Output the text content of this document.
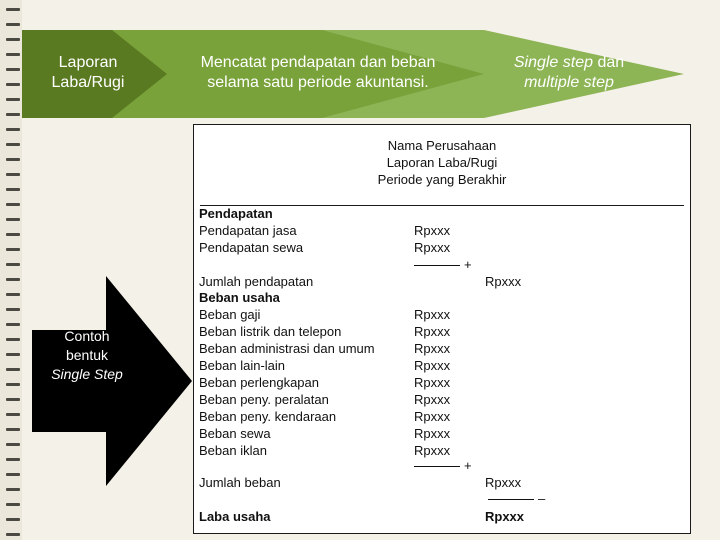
Laporan
Laba/Rugi
Mencatat pendapatan dan beban
selama satu periode akuntansi.
Single step dan
multiple step
Contoh
bentuk
Single Step
Nama Perusahaan
Laporan Laba/Rugi
Periode yang Berakhir
Pendapatan
Pendapatan jasa	Rpxxx
Pendapatan sewa	Rpxxx
+
Jumlah pendapatan	Rpxxx
Beban usaha
Beban gaji	Rpxxx
Beban listrik dan telepon	Rpxxx
Beban administrasi dan umum	Rpxxx
Beban lain-lain	Rpxxx
Beban perlengkapan	Rpxxx
Beban peny. peralatan	Rpxxx
Beban peny. kendaraan	Rpxxx
Beban sewa	Rpxxx
Beban iklan	Rpxxx
+
Jumlah beban	Rpxxx
–
Laba usaha	Rpxxx
